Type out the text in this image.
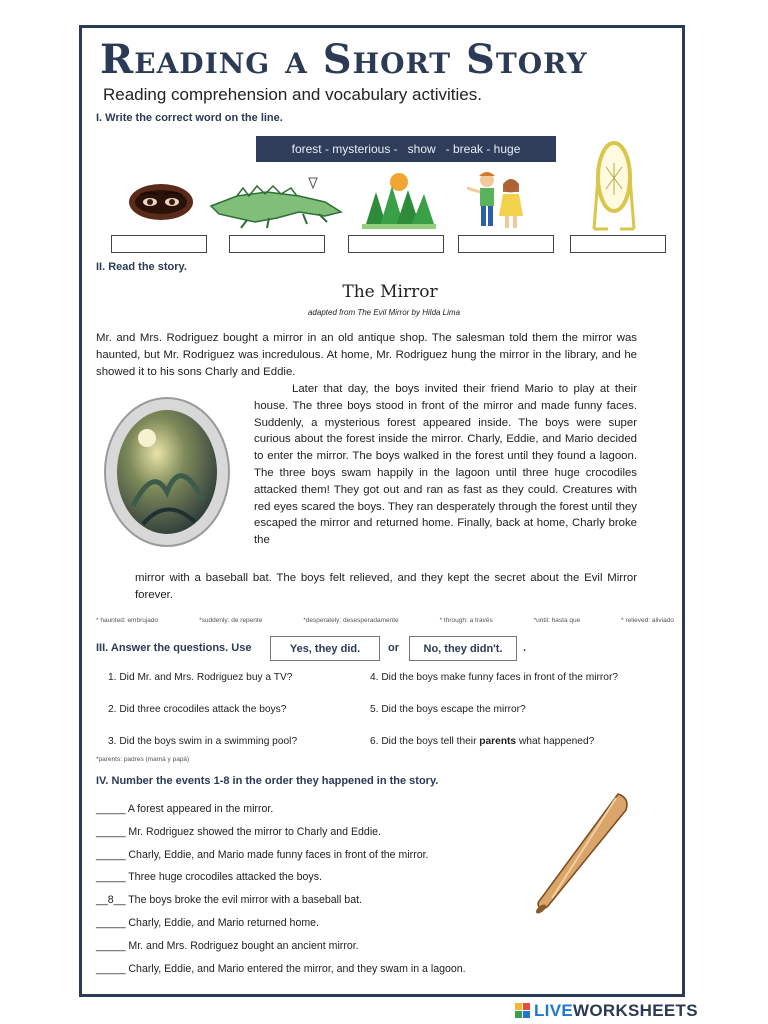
Reading a Short Story
Reading comprehension and vocabulary activities.
I. Write the correct word on the line.
forest - mysterious -   show   - break - huge
II. Read the story.
The Mirror
adapted from The Evil Mirror by Hilda Lima

Mr. and Mrs. Rodriguez bought a mirror in an old antique shop. The salesman told them the mirror was haunted, but Mr. Rodriguez was incredulous. At home, Mr. Rodriguez hung the mirror in the library, and he showed it to his sons Charly and Eddie.

Later that day, the boys invited their friend Mario to play at their house. The three boys stood in front of the mirror and made funny faces. Suddenly, a mysterious forest appeared inside. The boys were super curious about the forest inside the mirror. Charly, Eddie, and Mario decided to enter the mirror. The boys walked in the forest until they found a lagoon. The three boys swam happily in the lagoon until three huge crocodiles attacked them! They got out and ran as fast as they could. Creatures with red eyes scared the boys. They ran desperately through the forest until they escaped the mirror and returned home. Finally, back at home, Charly broke the

mirror with a baseball bat. The boys felt relieved, and they kept the secret about the Evil Mirror forever.

* haunted: embrujado	*suddenly: de repente	*desperately: desesperadamente	* through: a través	*until: hasta que	* relieved: aliviado
III. Answer the questions. Use	Yes, they did.	or	No, they didn't.	.
1. Did Mr. and Mrs. Rodriguez buy a TV?
2. Did three crocodiles attack the boys?
3. Did the boys swim in a swimming pool?
4. Did the boys make funny faces in front of the mirror?
5. Did the boys escape the mirror?
6. Did the boys tell their parents what happened?
*parents: padres (mamá y papá)
IV. Number the events 1-8 in the order they happened in the story.
_____ A forest appeared in the mirror.
_____ Mr. Rodriguez showed the mirror to Charly and Eddie.
_____ Charly, Eddie, and Mario made funny faces in front of the mirror.
_____ Three huge crocodiles attacked the boys.
__8__ The boys broke the evil mirror with a baseball bat.
_____ Charly, Eddie, and Mario returned home.
_____ Mr. and Mrs. Rodriguez bought an ancient mirror.
_____ Charly, Eddie, and Mario entered the mirror, and they swam in a lagoon.
LIVEWORKSHEETS
